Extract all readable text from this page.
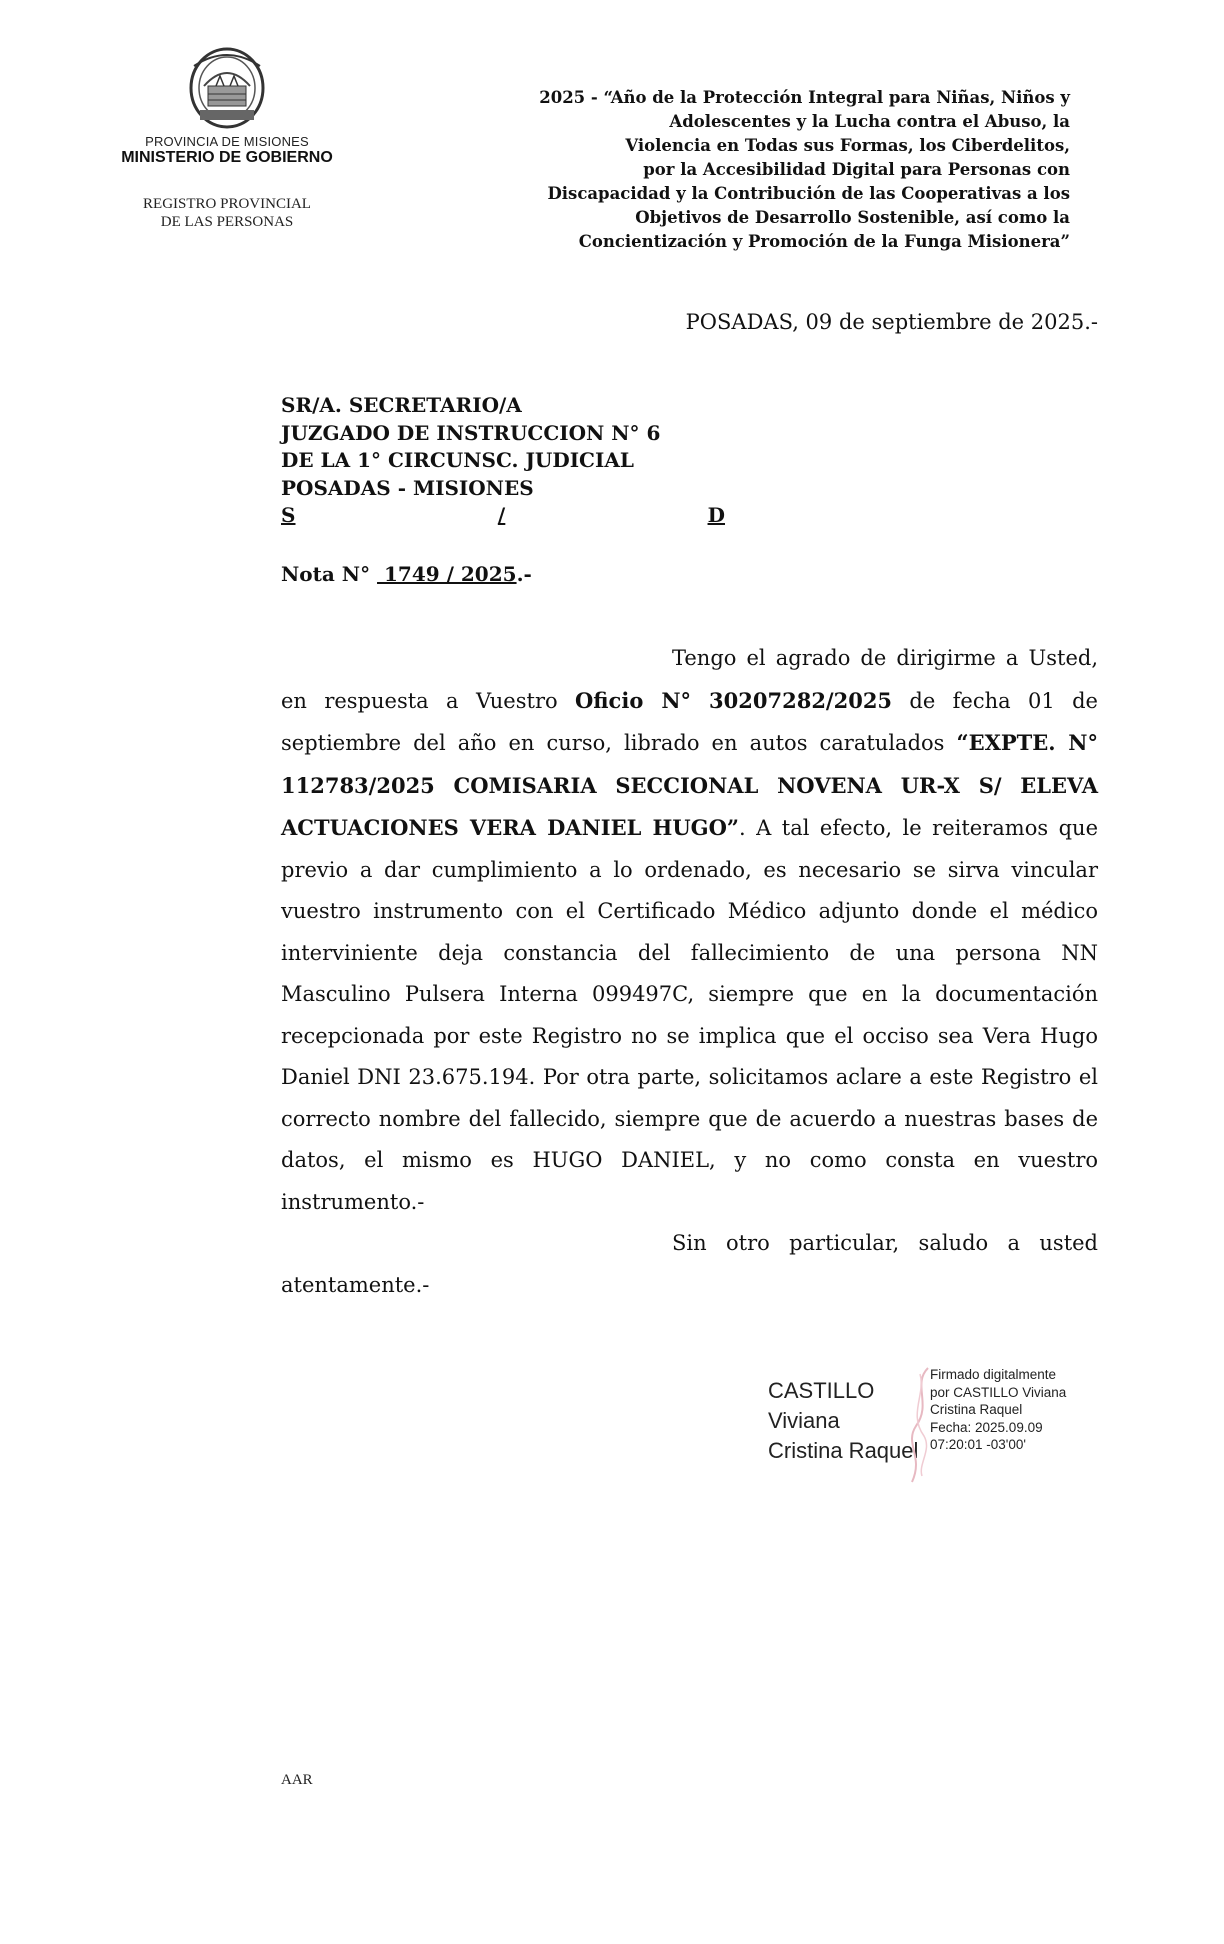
PROVINCIA DE MISIONES
MINISTERIO DE GOBIERNO
REGISTRO PROVINCIAL
DE LAS PERSONAS
2025 - “Año de la Protección Integral para Niñas, Niños y
Adolescentes y la Lucha contra el Abuso, la
Violencia en Todas sus Formas, los Ciberdelitos,
por la Accesibilidad Digital para Personas con
Discapacidad y la Contribución de las Cooperativas a los
Objetivos de Desarrollo Sostenible, así como la
Concientización y Promoción de la Funga Misionera”
POSADAS, 09 de septiembre de 2025.-
SR/A. SECRETARIO/A
JUZGADO DE INSTRUCCION N° 6
DE LA 1° CIRCUNSC. JUDICIAL
POSADAS - MISIONES
S	/	D
Nota N°  1749 / 2025.-

Tengo el agrado de dirigirme a Usted, en respuesta a Vuestro Oficio N° 30207282/2025 de fecha 01 de septiembre del año en curso, librado en autos caratulados “EXPTE. N° 112783/2025 COMISARIA SECCIONAL NOVENA UR-X S/ ELEVA ACTUACIONES VERA DANIEL HUGO”. A tal efecto, le reiteramos que previo a dar cumplimiento a lo ordenado, es necesario se sirva vincular vuestro instrumento con el Certificado Médico adjunto donde el médico interviniente deja constancia del fallecimiento de una persona NN Masculino Pulsera Interna 099497C, siempre que en la documentación recepcionada por este Registro no se implica que el occiso sea Vera Hugo Daniel DNI 23.675.194. Por otra parte, solicitamos aclare a este Registro el correcto nombre del fallecido, siempre que de acuerdo a nuestras bases de datos, el mismo es HUGO DANIEL, y no como consta en vuestro instrumento.-

Sin otro particular, saludo a usted atentamente.-

CASTILLO
Viviana
Cristina Raquel
Firmado digitalmente
por CASTILLO Viviana
Cristina Raquel
Fecha: 2025.09.09
07:20:01 -03'00'
AAR
